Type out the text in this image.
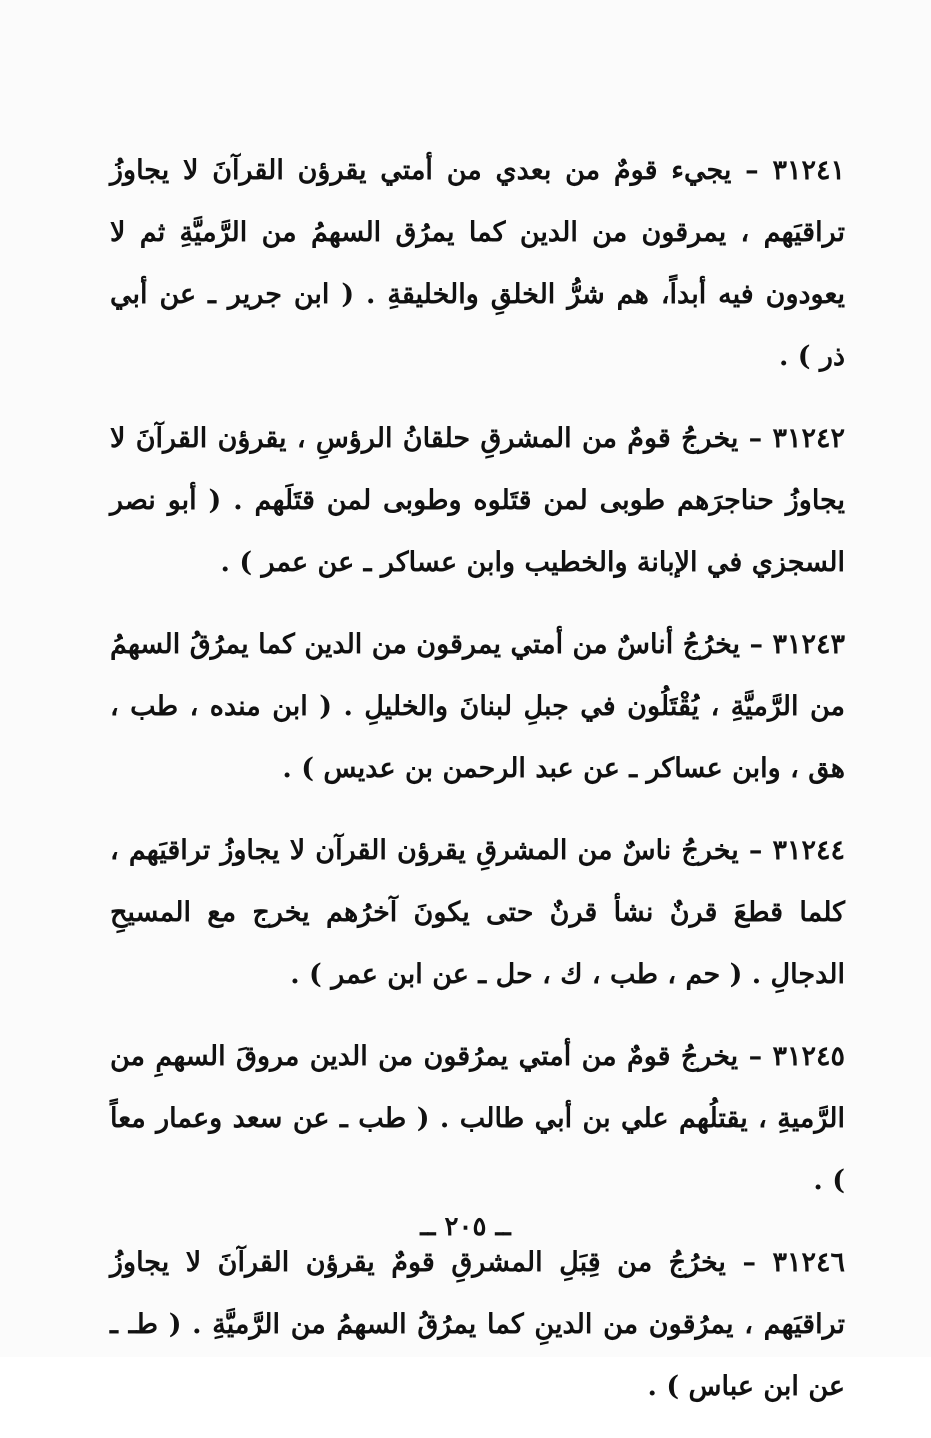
٣١٢٤١ – يجيء قومٌ من بعدي من أمتي يقرؤن القرآنَ لا يجاوزُ تراقيَهم ، يمرقون من الدين كما يمرُق السهمُ من الرَّميَّةِ ثم لا يعودون فيه أبداً، هم شرُّ الخلقِ والخليقةِ . ( ابن جرير ـ عن أبي ذر ) .

٣١٢٤٢ – يخرجُ قومٌ من المشرقِ حلقانُ الرؤسِ ، يقرؤن القرآنَ لا يجاوزُ حناجرَهم طوبى لمن قتَلوه وطوبى لمن قتَلَهم . ( أبو نصر السجزي في الإبانة والخطيب وابن عساكر ـ عن عمر ) .

٣١٢٤٣ – يخرُجُ أناسٌ من أمتي يمرقون من الدين كما يمرُقُ السهمُ من الرَّميَّةِ ، يُقْتَلُون في جبلِ لبنانَ والخليلِ . ( ابن منده ، طب ، هق ، وابن عساكر ـ عن عبد الرحمن بن عديس ) .

٣١٢٤٤ – يخرجُ ناسٌ من المشرقِ يقرؤن القرآن لا يجاوزُ تراقيَهم ، كلما قطعَ قرنٌ نشأ قرنٌ حتى يكونَ آخرُهم يخرج مع المسيحِ الدجالِ . ( حم ، طب ، ك ، حل ـ عن ابن عمر ) .

٣١٢٤٥ – يخرجُ قومٌ من أمتي يمرُقون من الدين مروقَ السهمِ من الرَّميةِ ، يقتلُهم علي بن أبي طالب . ( طب ـ عن سعد وعمار معاً ) .

٣١٢٤٦ – يخرُجُ من قِبَلِ المشرقِ قومٌ يقرؤن القرآنَ لا يجاوزُ تراقيَهم ، يمرُقون من الدينِ كما يمرُقُ السهمُ من الرَّميَّةِ . ( طـ ـ عن ابن عباس ) .

ــ ٢٠٥ ــ
